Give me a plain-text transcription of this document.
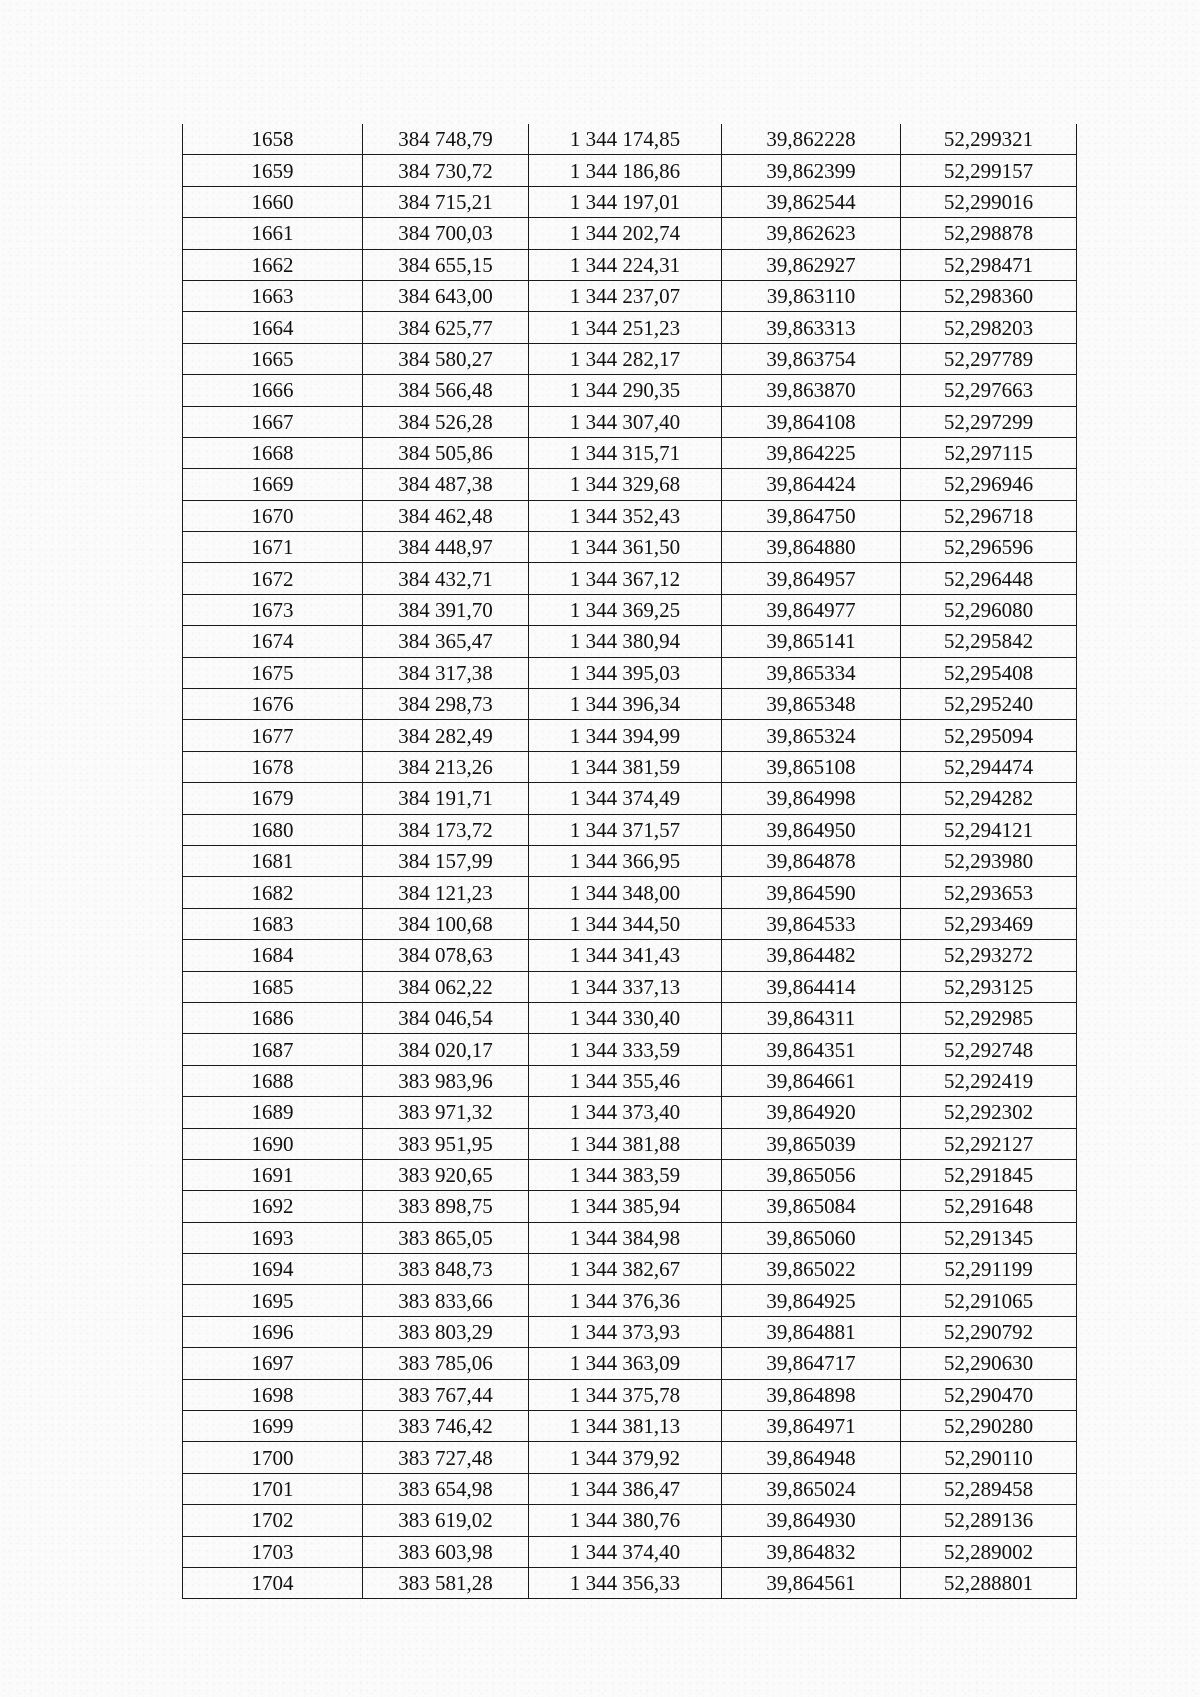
1658	384 748,79	1 344 174,85	39,862228	52,299321
1659	384 730,72	1 344 186,86	39,862399	52,299157
1660	384 715,21	1 344 197,01	39,862544	52,299016
1661	384 700,03	1 344 202,74	39,862623	52,298878
1662	384 655,15	1 344 224,31	39,862927	52,298471
1663	384 643,00	1 344 237,07	39,863110	52,298360
1664	384 625,77	1 344 251,23	39,863313	52,298203
1665	384 580,27	1 344 282,17	39,863754	52,297789
1666	384 566,48	1 344 290,35	39,863870	52,297663
1667	384 526,28	1 344 307,40	39,864108	52,297299
1668	384 505,86	1 344 315,71	39,864225	52,297115
1669	384 487,38	1 344 329,68	39,864424	52,296946
1670	384 462,48	1 344 352,43	39,864750	52,296718
1671	384 448,97	1 344 361,50	39,864880	52,296596
1672	384 432,71	1 344 367,12	39,864957	52,296448
1673	384 391,70	1 344 369,25	39,864977	52,296080
1674	384 365,47	1 344 380,94	39,865141	52,295842
1675	384 317,38	1 344 395,03	39,865334	52,295408
1676	384 298,73	1 344 396,34	39,865348	52,295240
1677	384 282,49	1 344 394,99	39,865324	52,295094
1678	384 213,26	1 344 381,59	39,865108	52,294474
1679	384 191,71	1 344 374,49	39,864998	52,294282
1680	384 173,72	1 344 371,57	39,864950	52,294121
1681	384 157,99	1 344 366,95	39,864878	52,293980
1682	384 121,23	1 344 348,00	39,864590	52,293653
1683	384 100,68	1 344 344,50	39,864533	52,293469
1684	384 078,63	1 344 341,43	39,864482	52,293272
1685	384 062,22	1 344 337,13	39,864414	52,293125
1686	384 046,54	1 344 330,40	39,864311	52,292985
1687	384 020,17	1 344 333,59	39,864351	52,292748
1688	383 983,96	1 344 355,46	39,864661	52,292419
1689	383 971,32	1 344 373,40	39,864920	52,292302
1690	383 951,95	1 344 381,88	39,865039	52,292127
1691	383 920,65	1 344 383,59	39,865056	52,291845
1692	383 898,75	1 344 385,94	39,865084	52,291648
1693	383 865,05	1 344 384,98	39,865060	52,291345
1694	383 848,73	1 344 382,67	39,865022	52,291199
1695	383 833,66	1 344 376,36	39,864925	52,291065
1696	383 803,29	1 344 373,93	39,864881	52,290792
1697	383 785,06	1 344 363,09	39,864717	52,290630
1698	383 767,44	1 344 375,78	39,864898	52,290470
1699	383 746,42	1 344 381,13	39,864971	52,290280
1700	383 727,48	1 344 379,92	39,864948	52,290110
1701	383 654,98	1 344 386,47	39,865024	52,289458
1702	383 619,02	1 344 380,76	39,864930	52,289136
1703	383 603,98	1 344 374,40	39,864832	52,289002
1704	383 581,28	1 344 356,33	39,864561	52,288801
